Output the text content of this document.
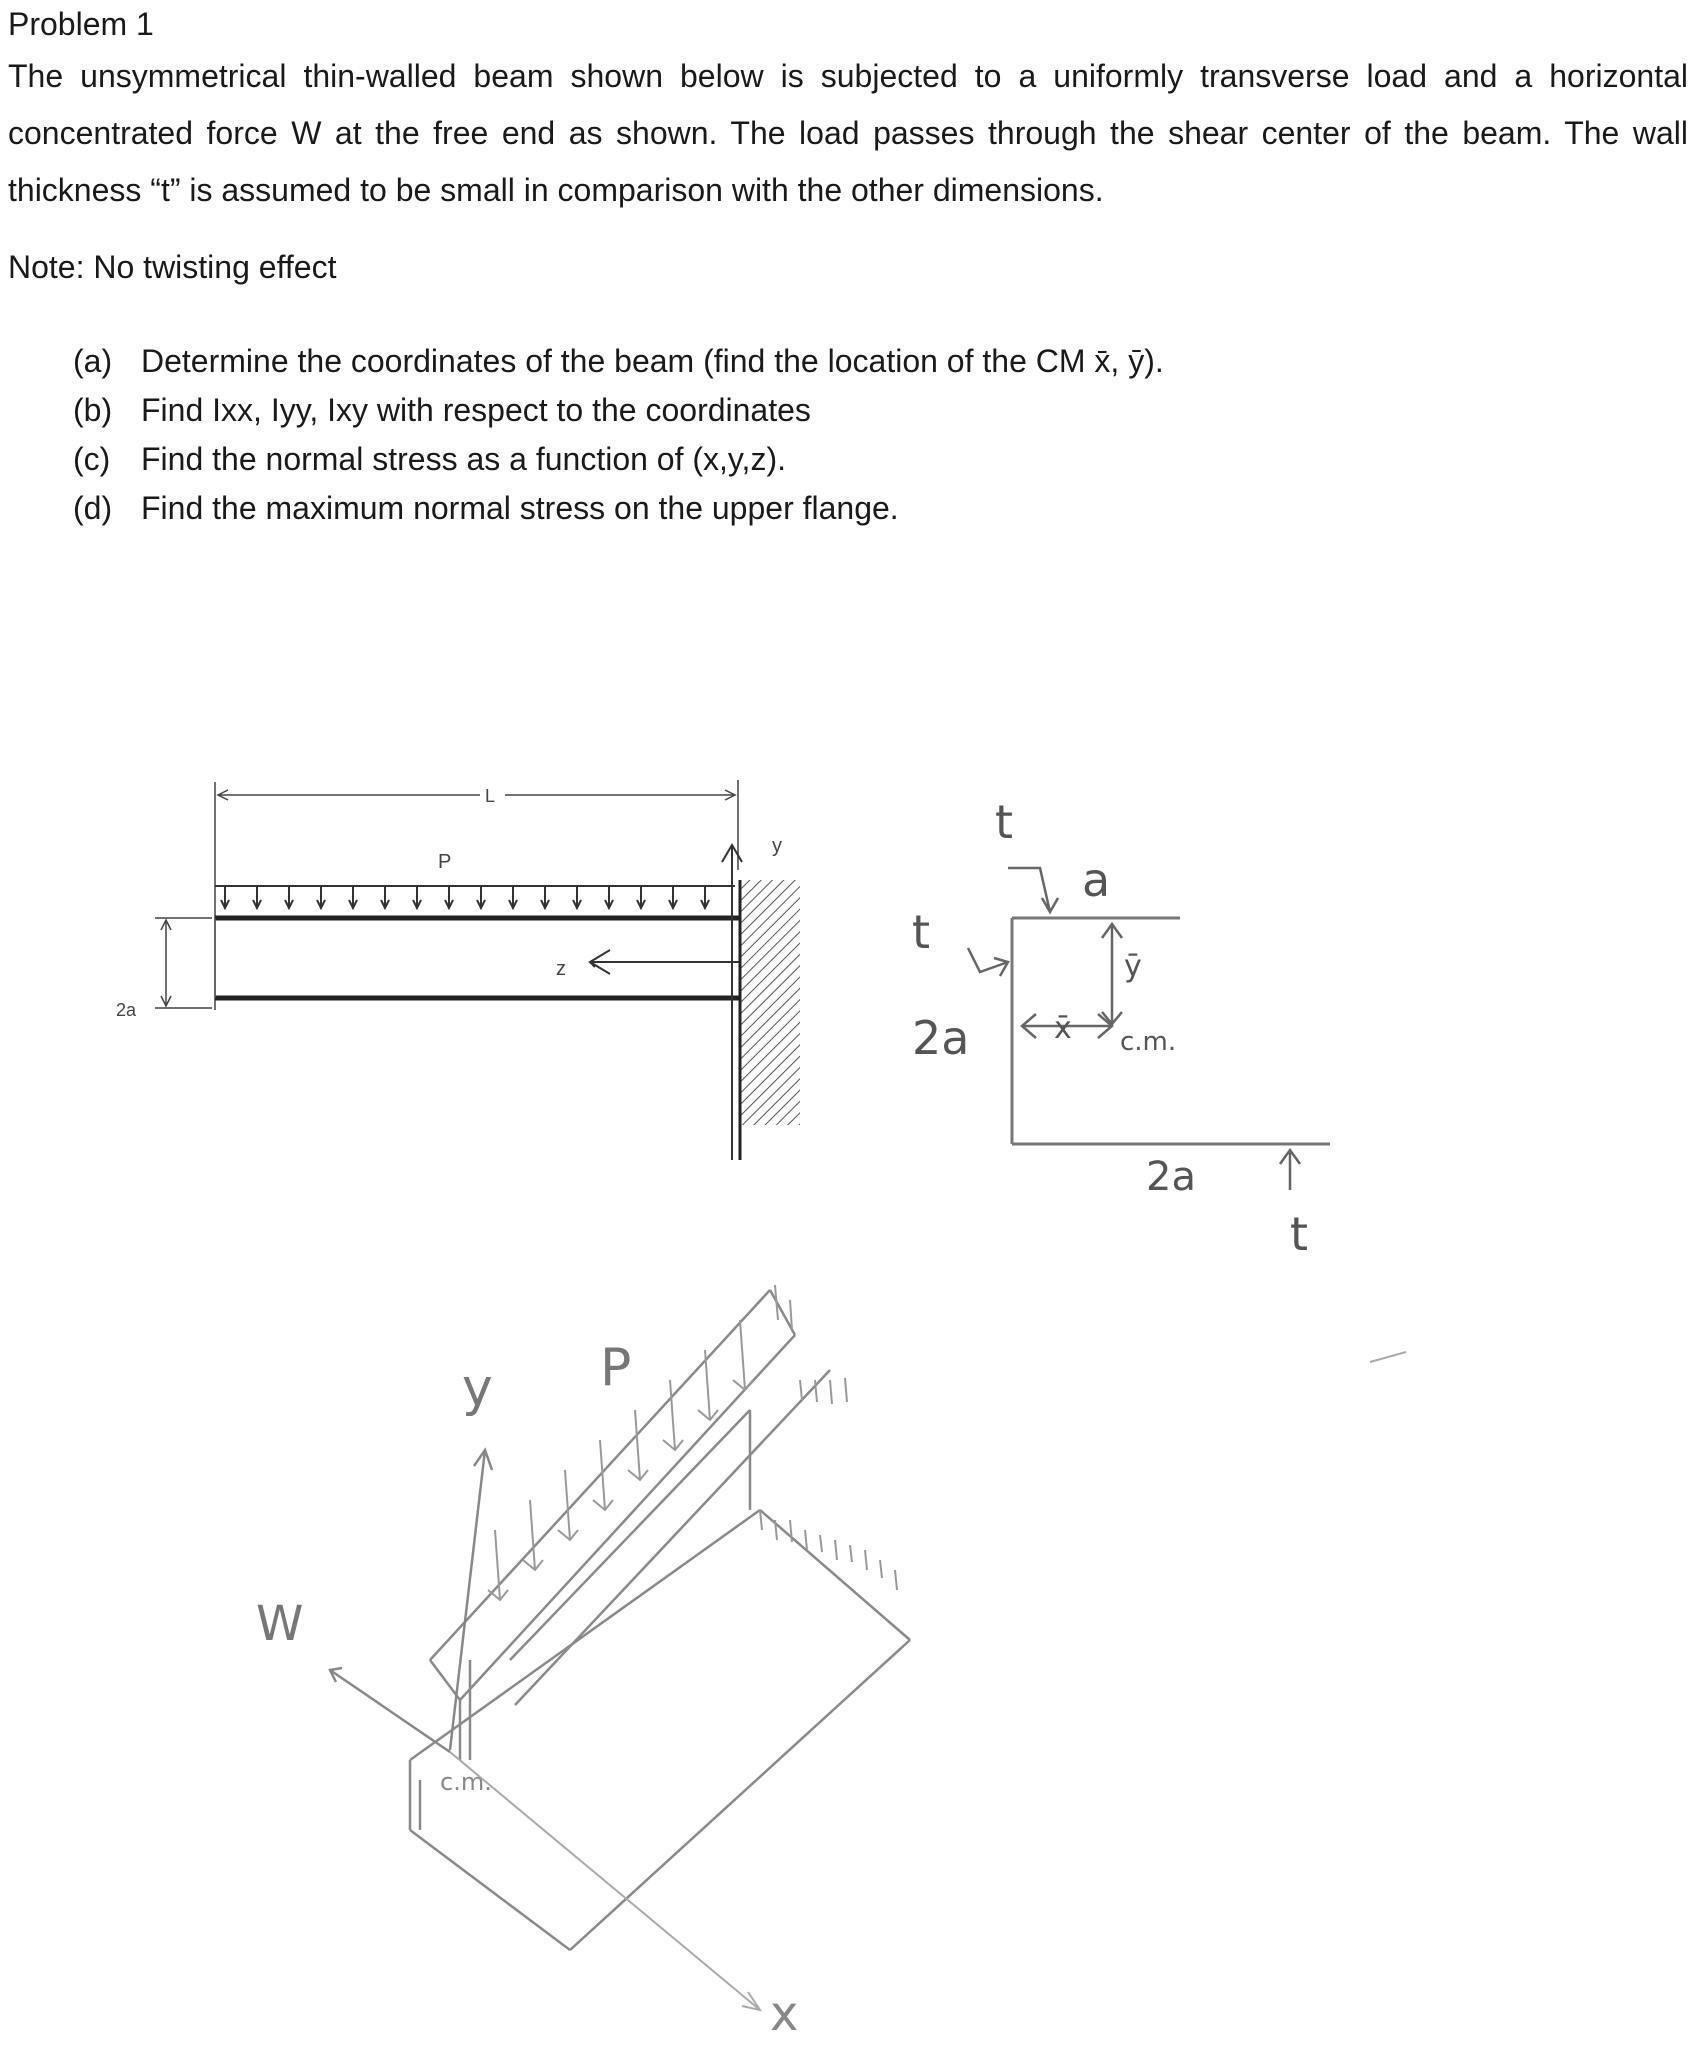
Problem 1

The unsymmetrical thin-walled beam shown below is subjected to a uniformly transverse load and a horizontal concentrated force W at the free end as shown. The load passes through the shear center of the beam. The wall thickness “t” is assumed to be small in comparison with the other dimensions.

Note: No twisting effect

(a) Determine the coordinates of the beam (find the location of the CM x̄, ȳ).
(b) Find Ixx, Iyy, Ixy with respect to the coordinates
(c) Find the normal stress as a function of (x,y,z).
(d) Find the maximum normal stress on the upper flange.
L
P
2a
z
y	t
a
t
2a	x̄
ȳ
c.m.
2a
t
P
y
W
c.m.
x
